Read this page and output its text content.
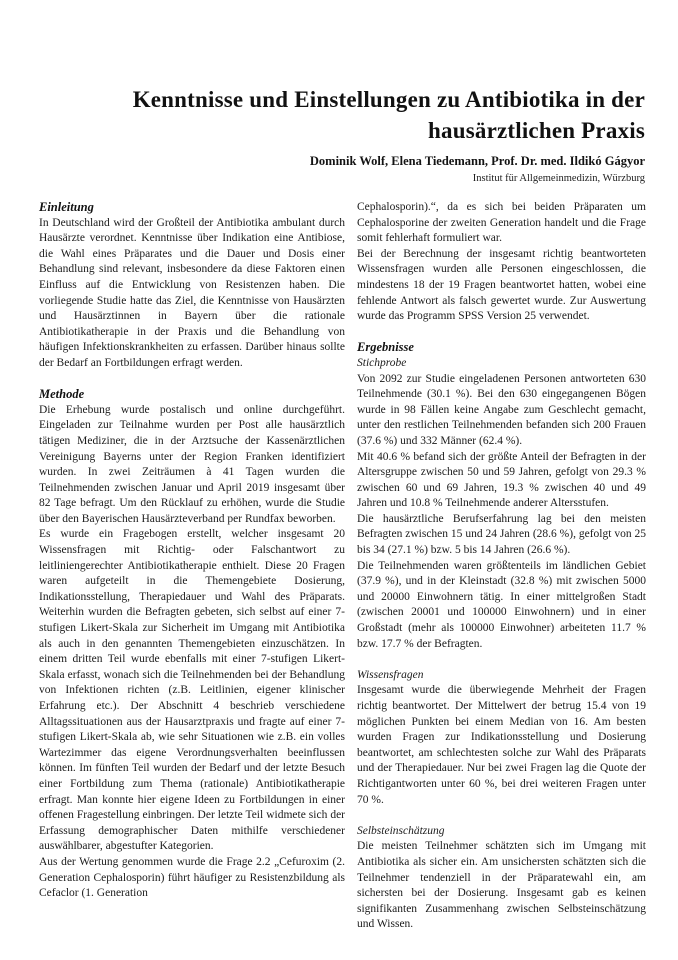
Kenntnisse und Einstellungen zu Antibiotika in der
hausärztlichen Praxis
Dominik Wolf, Elena Tiedemann, Prof. Dr. med. Ildikó Gágyor
Institut für Allgemeinmedizin, Würzburg
Einleitung

In Deutschland wird der Großteil der Antibiotika ambulant durch Hausärzte verordnet. Kenntnisse über Indikation eine Antibiose, die Wahl eines Präparates und die Dauer und Dosis einer Behandlung sind relevant, insbesondere da diese Faktoren einen Einfluss auf die Entwicklung von Resistenzen haben. Die vorliegende Studie hatte das Ziel, die Kenntnisse von Hausärzten und Hausärztinnen in Bayern über die rationale Antibiotikatherapie in der Praxis und die Behandlung von häufigen Infektionskrankheiten zu erfassen. Darüber hinaus sollte der Bedarf an Fortbildungen erfragt werden.

Methode

Die Erhebung wurde postalisch und online durchgeführt. Eingeladen zur Teilnahme wurden per Post alle hausärztlich tätigen Mediziner, die in der Arztsuche der Kassenärztlichen Vereinigung Bayerns unter der Region Franken identifiziert wurden. In zwei Zeiträumen à 41 Tagen wurden die Teilnehmenden zwischen Januar und April 2019 insgesamt über 82 Tage befragt. Um den Rücklauf zu erhöhen, wurde die Studie über den Bayerischen Hausärzteverband per Rundfax beworben.

Es wurde ein Fragebogen erstellt, welcher insgesamt 20 Wissensfragen mit Richtig- oder Falschantwort zu leitliniengerechter Antibiotikatherapie enthielt. Diese 20 Fragen waren aufgeteilt in die Themengebiete Dosierung, Indikationsstellung, Therapiedauer und Wahl des Präparats. Weiterhin wurden die Befragten gebeten, sich selbst auf einer 7-stufigen Likert-Skala zur Sicherheit im Umgang mit Antibiotika als auch in den genannten Themengebieten einzuschätzen. In einem dritten Teil wurde ebenfalls mit einer 7-stufigen Likert-Skala erfasst, wonach sich die Teilnehmenden bei der Behandlung von Infektionen richten (z.B. Leitlinien, eigener klinischer Erfahrung etc.). Der Abschnitt 4 beschrieb verschiedene Alltagssituationen aus der Hausarztpraxis und fragte auf einer 7-stufigen Likert-Skala ab, wie sehr Situationen wie z.B. ein volles Wartezimmer das eigene Verordnungsverhalten beeinflussen können. Im fünften Teil wurden der Bedarf und der letzte Besuch einer Fortbildung zum Thema (rationale) Antibiotikatherapie erfragt. Man konnte hier eigene Ideen zu Fortbildungen in einer offenen Fragestellung einbringen. Der letzte Teil widmete sich der Erfassung demographischer Daten mithilfe verschiedener auswählbarer, abgestufter Kategorien.

Aus der Wertung genommen wurde die Frage 2.2 „Cefuroxim (2. Generation Cephalosporin) führt häufiger zu Resistenzbildung als Cefaclor (1. Generation

Cephalosporin).“, da es sich bei beiden Präparaten um Cephalosporine der zweiten Generation handelt und die Frage somit fehlerhaft formuliert war.

Bei der Berechnung der insgesamt richtig beantworteten Wissensfragen wurden alle Personen eingeschlossen, die mindestens 18 der 19 Fragen beantwortet hatten, wobei eine fehlende Antwort als falsch gewertet wurde. Zur Auswertung wurde das Programm SPSS Version 25 verwendet.

Ergebnisse
Stichprobe

Von 2092 zur Studie eingeladenen Personen antworteten 630 Teilnehmende (30.1 %). Bei den 630 eingegangenen Bögen wurde in 98 Fällen keine Angabe zum Geschlecht gemacht, unter den restlichen Teilnehmenden befanden sich 200 Frauen (37.6 %) und 332 Männer (62.4 %).

Mit 40.6 % befand sich der größte Anteil der Befragten in der Altersgruppe zwischen 50 und 59 Jahren, gefolgt von 29.3 % zwischen 60 und 69 Jahren, 19.3 % zwischen 40 und 49 Jahren und 10.8 % Teilnehmende anderer Altersstufen.

Die hausärztliche Berufserfahrung lag bei den meisten Befragten zwischen 15 und 24 Jahren (28.6 %), gefolgt von 25 bis 34 (27.1 %) bzw. 5 bis 14 Jahren (26.6 %).

Die Teilnehmenden waren größtenteils im ländlichen Gebiet (37.9 %), und in der Kleinstadt (32.8 %) mit zwischen 5000 und 20000 Einwohnern tätig. In einer mittelgroßen Stadt (zwischen 20001 und 100000 Einwohnern) und in einer Großstadt (mehr als 100000 Einwohner) arbeiteten 11.7 % bzw. 17.7 % der Befragten.

Wissensfragen

Insgesamt wurde die überwiegende Mehrheit der Fragen richtig beantwortet. Der Mittelwert der betrug 15.4 von 19 möglichen Punkten bei einem Median von 16. Am besten wurden Fragen zur Indikationsstellung und Dosierung beantwortet, am schlechtesten solche zur Wahl des Präparats und der Therapiedauer. Nur bei zwei Fragen lag die Quote der Richtigantworten unter 60 %, bei drei weiteren Fragen unter 70 %.

Selbsteinschätzung

Die meisten Teilnehmer schätzten sich im Umgang mit Antibiotika als sicher ein. Am unsichersten schätzten sich die Teilnehmer tendenziell in der Präparatewahl ein, am sichersten bei der Dosierung. Insgesamt gab es keinen signifikanten Zusammenhang zwischen Selbsteinschätzung und Wissen.
